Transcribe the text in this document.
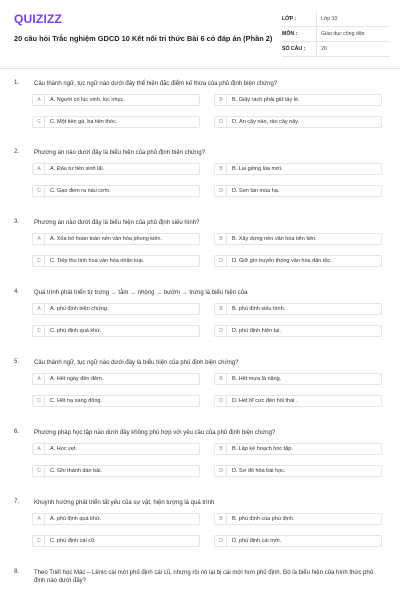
QUIZIZZ
20 câu hỏi Trắc nghiệm GDCD 10 Kết nối tri thức Bài 6 có đáp án (Phần 2)
LỚP :	Lớp 10
MÔN :	Giáo dục công dân
SỐ CÂU :	20
1.	Câu thành ngữ, tục ngữ nào dưới đây thể hiện đặc điểm kế thừa của phủ định biện chứng?
A	A. Người có lúc vinh, lúc nhục.	B	B. Giấy rách phải giữ lấy lề.
C	C. Một tiền gà, ba tiền thóc.	D	D. Ăn cây nào, rào cây nấy.
2.	Phương án nào dưới đây là biểu hiện của phủ định biện chứng?
A	A. Đầu tư tiền sinh lãi.	B	B. Lai giống lúa mới.
C	C. Gạo đem ra nấu cơm.	D	D. Sen tàn mùa hạ.
3.	Phương án nào dưới đây là biểu hiện của phủ định siêu hình?
A	A. Xóa bỏ hoàn toàn nền văn hóa phong kiến.	B	B. Xây dựng nền văn hóa tiên tiến.
C	C. Tiếp thu tinh hoa văn hóa nhân loại.	D	D. Giữ gìn truyền thống văn hóa dân tộc.
4.	Quá trình phát triển từ trứng → tằm → nhộng → bướm → trứng là biểu hiện của
A	A. phủ định biện chứng.	B	B. phủ định siêu hình.
C	C. phủ định quá khứ.	D	D. phủ định hiện tại.
5.	Câu thành ngữ, tục ngữ nào dưới đây là biểu hiện của phủ định biện chứng?
A	A. Hết ngày đến đêm.	B	B. Hết mưa là nắng.
C	C. Hết hạ sang đông.	D	D. Hết bĩ cực đến hồi thái .
6.	Phương pháp học tập nào dưới đây không phù hợp với yêu cầu của phủ định biện chứng?
A	A. Học vẹt.	B	B. Lập kế hoạch học tập.
C	C. Ghi thành dàn bài.	D	D. Sơ đồ hóa bài học.
7.	Khuynh hướng phát triển tất yếu của sự vật, hiện tượng là quá trình
A	A. phủ định quá khứ.	B	B. phủ định của phủ định.
C	C. phủ định cái cũ.	D	D. phủ định cái mới.
8.	Theo Triết học Mác – Lênin cái mới phủ định cái cũ, nhưng rồi nó lại bị cái mới hơn phủ định. Đó là biểu hiện của hình thức phủ định nào dưới đây?
